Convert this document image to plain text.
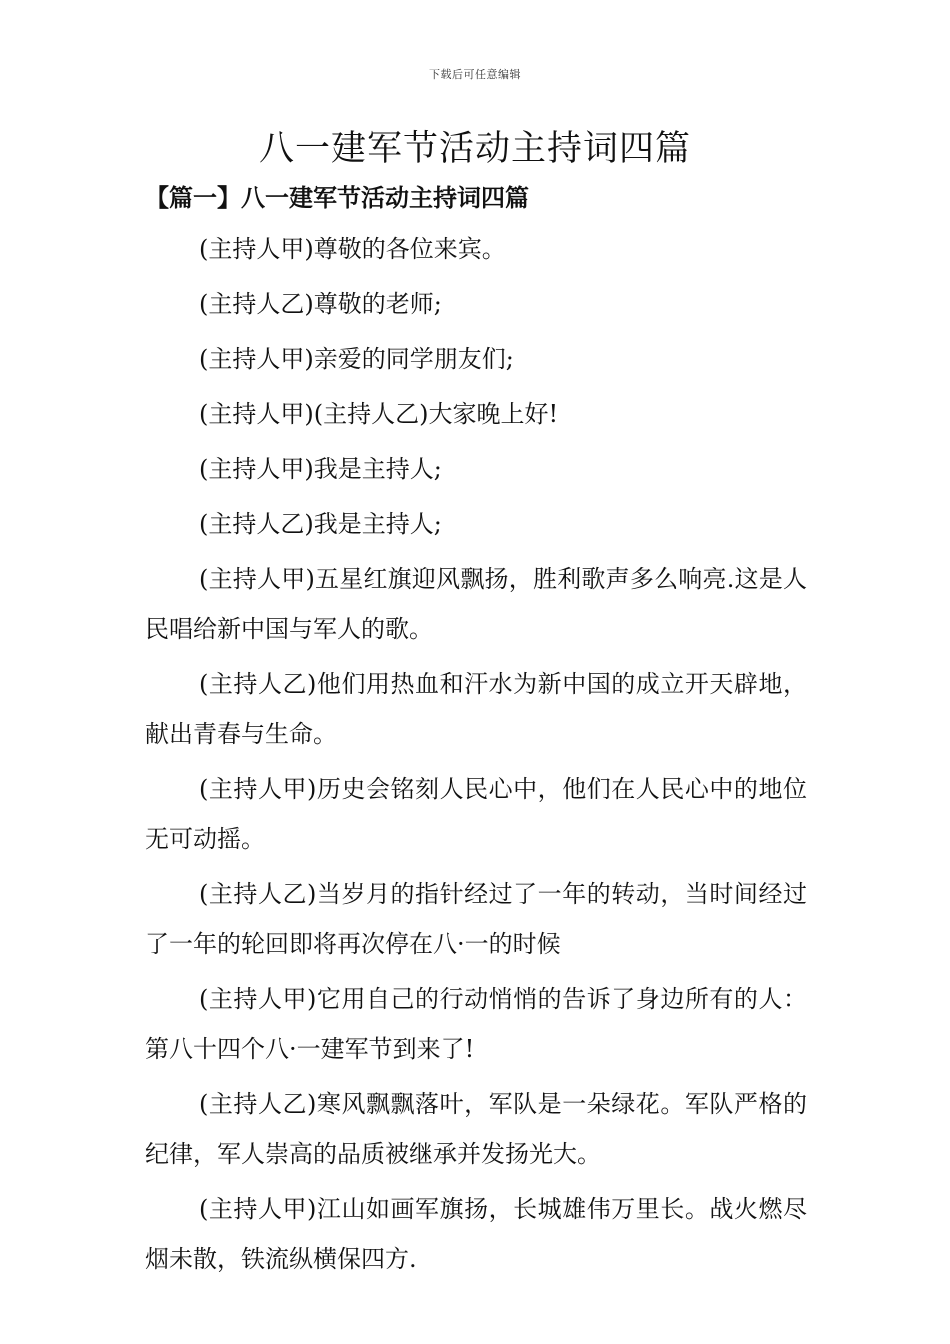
下载后可任意编辑
八一建军节活动主持词四篇
【篇一】八一建军节活动主持词四篇

(主持人甲)尊敬的各位来宾。

(主持人乙)尊敬的老师;

(主持人甲)亲爱的同学朋友们;

(主持人甲)(主持人乙)大家晚上好!

(主持人甲)我是主持人;

(主持人乙)我是主持人;

(主持人甲)五星红旗迎风飘扬，胜利歌声多么响亮.这是人民唱给新中国与军人的歌。

(主持人乙)他们用热血和汗水为新中国的成立开天辟地，献出青春与生命。

(主持人甲)历史会铭刻人民心中，他们在人民心中的地位无可动摇。

(主持人乙)当岁月的指针经过了一年的转动，当时间经过了一年的轮回即将再次停在八·一的时候

(主持人甲)它用自己的行动悄悄的告诉了身边所有的人：第八十四个八·一建军节到来了!

(主持人乙)寒风飘飘落叶，军队是一朵绿花。军队严格的纪律，军人崇高的品质被继承并发扬光大。

(主持人甲)江山如画军旗扬，长城雄伟万里长。战火燃尽烟未散，铁流纵横保四方.
